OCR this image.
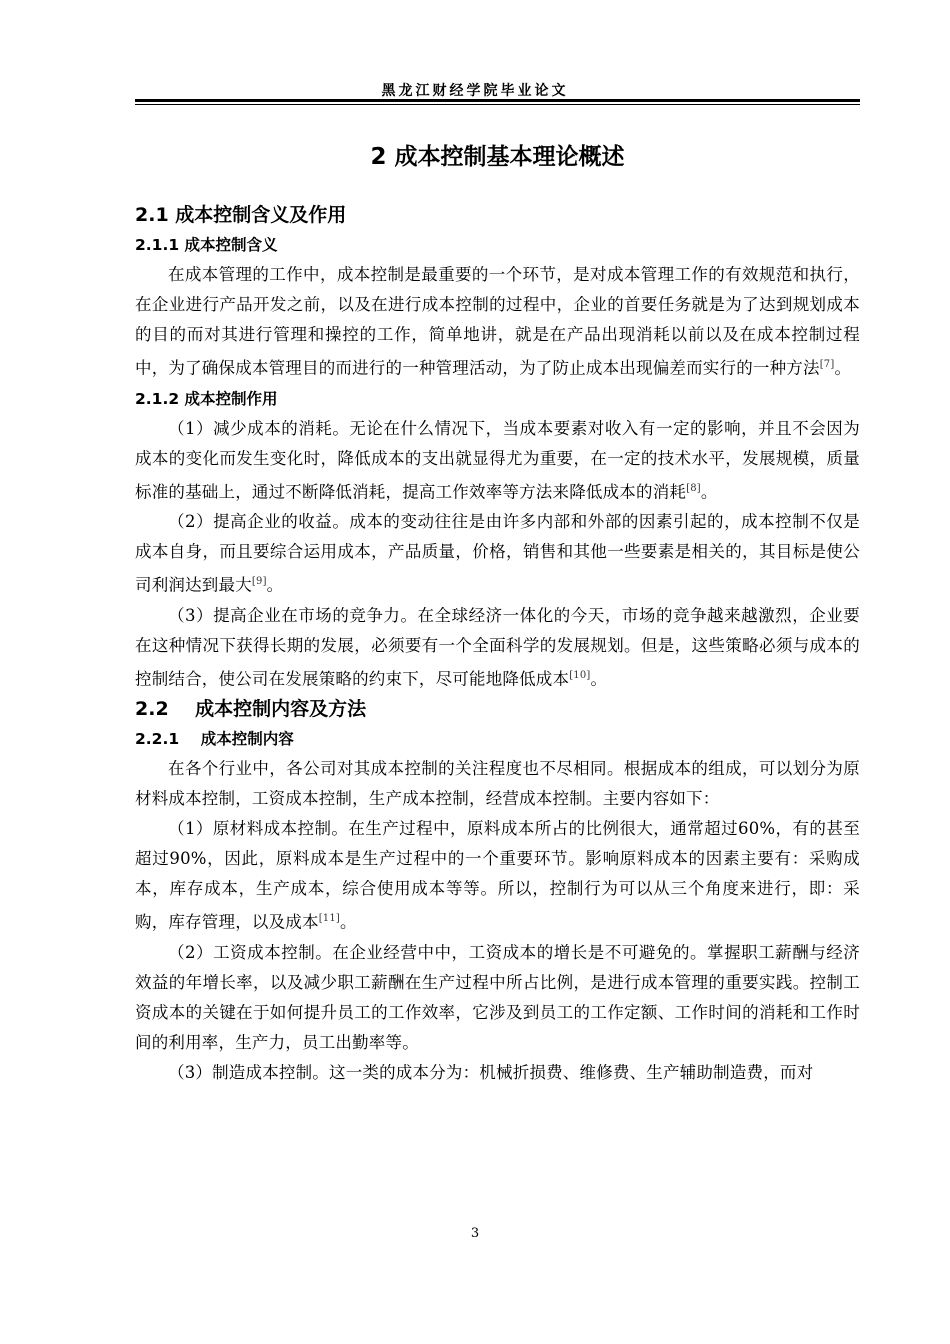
黑龙江财经学院毕业论文
2 成本控制基本理论概述
2.1 成本控制含义及作用
2.1.1 成本控制含义

在成本管理的工作中，成本控制是最重要的一个环节，是对成本管理工作的有效规范和执行，在企业进行产品开发之前，以及在进行成本控制的过程中，企业的首要任务就是为了达到规划成本的目的而对其进行管理和操控的工作，简单地讲，就是在产品出现消耗以前以及在成本控制过程中，为了确保成本管理目的而进行的一种管理活动，为了防止成本出现偏差而实行的一种方法[7]。

2.1.2 成本控制作用

（1）减少成本的消耗。无论在什么情况下，当成本要素对收入有一定的影响，并且不会因为成本的变化而发生变化时，降低成本的支出就显得尤为重要，在一定的技术水平，发展规模，质量标准的基础上，通过不断降低消耗，提高工作效率等方法来降低成本的消耗[8]。

（2）提高企业的收益。成本的变动往往是由许多内部和外部的因素引起的，成本控制不仅是成本自身，而且要综合运用成本，产品质量，价格，销售和其他一些要素是相关的，其目标是使公司利润达到最大[9]。

（3）提高企业在市场的竞争力。在全球经济一体化的今天，市场的竞争越来越激烈，企业要在这种情况下获得长期的发展，必须要有一个全面科学的发展规划。但是，这些策略必须与成本的控制结合，使公司在发展策略的约束下，尽可能地降低成本[10]。

2.2    成本控制内容及方法
2.2.1    成本控制内容

在各个行业中，各公司对其成本控制的关注程度也不尽相同。根据成本的组成，可以划分为原材料成本控制，工资成本控制，生产成本控制，经营成本控制。主要内容如下：

（1）原材料成本控制。在生产过程中，原料成本所占的比例很大，通常超过60%，有的甚至超过90%，因此，原料成本是生产过程中的一个重要环节。影响原料成本的因素主要有：采购成本，库存成本，生产成本，综合使用成本等等。所以，控制行为可以从三个角度来进行，即：采购，库存管理，以及成本[11]。

（2）工资成本控制。在企业经营中中，工资成本的增长是不可避免的。掌握职工薪酬与经济效益的年增长率，以及减少职工薪酬在生产过程中所占比例，是进行成本管理的重要实践。控制工资成本的关键在于如何提升员工的工作效率，它涉及到员工的工作定额、工作时间的消耗和工作时间的利用率，生产力，员工出勤率等。

（3）制造成本控制。这一类的成本分为：机械折损费、维修费、生产辅助制造费，而对

3
